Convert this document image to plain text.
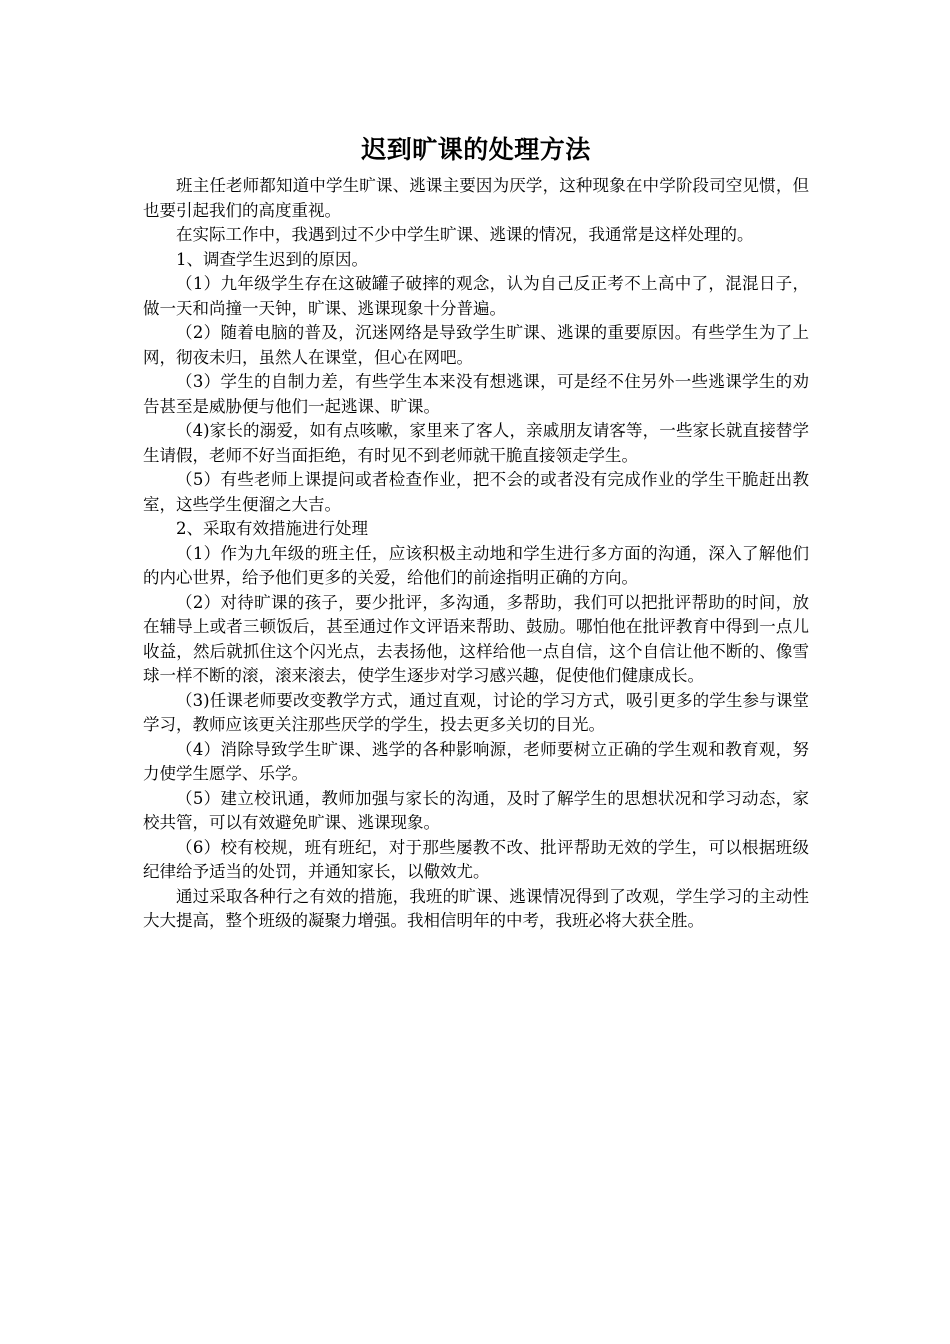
迟到旷课的处理方法

班主任老师都知道中学生旷课、逃课主要因为厌学，这种现象在中学阶段司空见惯，但也要引起我们的高度重视。

在实际工作中，我遇到过不少中学生旷课、逃课的情况，我通常是这样处理的。

1、调查学生迟到的原因。

（1）九年级学生存在这破罐子破摔的观念，认为自己反正考不上高中了，混混日子，做一天和尚撞一天钟，旷课、逃课现象十分普遍。

（2）随着电脑的普及，沉迷网络是导致学生旷课、逃课的重要原因。有些学生为了上网，彻夜未归，虽然人在课堂，但心在网吧。

（3）学生的自制力差，有些学生本来没有想逃课，可是经不住另外一些逃课学生的劝告甚至是威胁便与他们一起逃课、旷课。

（4)家长的溺爱，如有点咳嗽，家里来了客人，亲戚朋友请客等，一些家长就直接替学生请假，老师不好当面拒绝，有时见不到老师就干脆直接领走学生。

（5）有些老师上课提问或者检查作业，把不会的或者没有完成作业的学生干脆赶出教室，这些学生便溜之大吉。

2、采取有效措施进行处理

（1）作为九年级的班主任，应该积极主动地和学生进行多方面的沟通，深入了解他们的内心世界，给予他们更多的关爱，给他们的前途指明正确的方向。

（2）对待旷课的孩子，要少批评，多沟通，多帮助，我们可以把批评帮助的时间，放在辅导上或者三顿饭后，甚至通过作文评语来帮助、鼓励。哪怕他在批评教育中得到一点儿收益，然后就抓住这个闪光点，去表扬他，这样给他一点自信，这个自信让他不断的、像雪球一样不断的滚，滚来滚去，使学生逐步对学习感兴趣，促使他们健康成长。

（3)任课老师要改变教学方式，通过直观，讨论的学习方式，吸引更多的学生参与课堂学习，教师应该更关注那些厌学的学生，投去更多关切的目光。

（4）消除导致学生旷课、逃学的各种影响源，老师要树立正确的学生观和教育观，努力使学生愿学、乐学。

（5）建立校讯通，教师加强与家长的沟通，及时了解学生的思想状况和学习动态，家校共管，可以有效避免旷课、逃课现象。

（6）校有校规，班有班纪，对于那些屡教不改、批评帮助无效的学生，可以根据班级纪律给予适当的处罚，并通知家长，以儆效尤。

通过采取各种行之有效的措施，我班的旷课、逃课情况得到了改观，学生学习的主动性大大提高，整个班级的凝聚力增强。我相信明年的中考，我班必将大获全胜。
